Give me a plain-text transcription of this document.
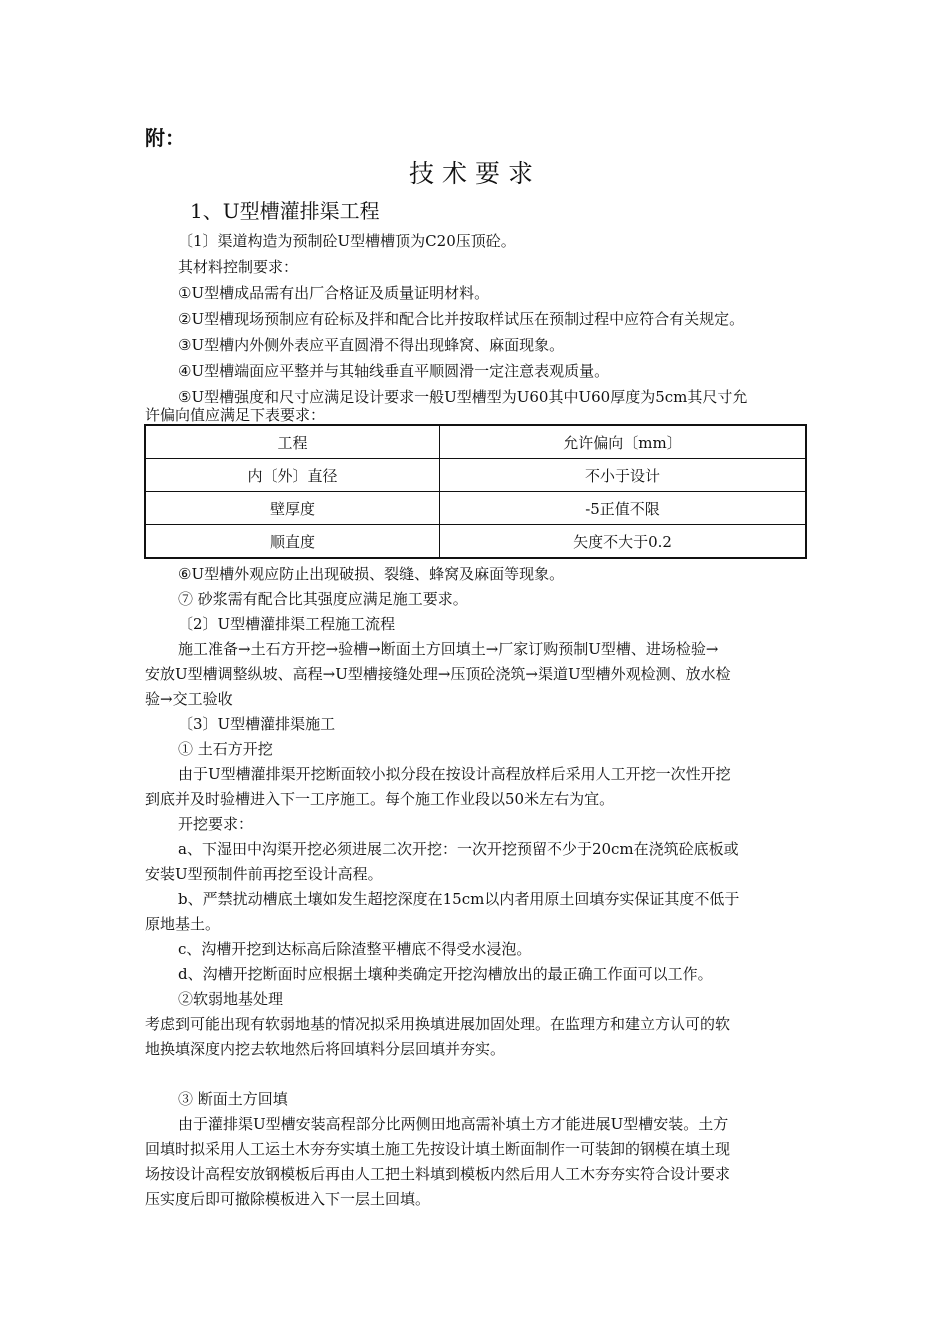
附：
技术要求
1、U型槽灌排渠工程

〔1〕渠道构造为预制砼U型槽槽顶为C20压顶砼。

其材料控制要求：

①U型槽成品需有出厂合格证及质量证明材料。

②U型槽现场预制应有砼标及拌和配合比并按取样试压在预制过程中应符合有关规定。

③U型槽内外侧外表应平直圆滑不得出现蜂窝、麻面现象。

④U型槽端面应平整并与其轴线垂直平顺圆滑一定注意表观质量。

⑤U型槽强度和尺寸应满足设计要求一般U型槽型为U60其中U60厚度为5cm其尺寸允

许偏向值应满足下表要求：

工程	允许偏向〔mm〕
内〔外〕直径	不小于设计
壁厚度	-5正值不限
顺直度	矢度不大于0.2

⑥U型槽外观应防止出现破损、裂缝、蜂窝及麻面等现象。

⑦ 砂浆需有配合比其强度应满足施工要求。

〔2〕U型槽灌排渠工程施工流程

施工准备→土石方开挖→验槽→断面土方回填土→厂家订购预制U型槽、进场检验→

安放U型槽调整纵坡、高程→U型槽接缝处理→压顶砼浇筑→渠道U型槽外观检测、放水检

验→交工验收

〔3〕U型槽灌排渠施工

① 土石方开挖

由于U型槽灌排渠开挖断面较小拟分段在按设计高程放样后采用人工开挖一次性开挖

到底并及时验槽进入下一工序施工。每个施工作业段以50米左右为宜。

开挖要求：

a、下湿田中沟渠开挖必须进展二次开挖：一次开挖预留不少于20cm在浇筑砼底板或

安装U型预制件前再挖至设计高程。

b、严禁扰动槽底土壤如发生超挖深度在15cm以内者用原土回填夯实保证其度不低于

原地基土。

c、沟槽开挖到达标高后除渣整平槽底不得受水浸泡。

d、沟槽开挖断面时应根据土壤种类确定开挖沟槽放出的最正确工作面可以工作。

②软弱地基处理

考虑到可能出现有软弱地基的情况拟采用换填进展加固处理。在监理方和建立方认可的软

地换填深度内挖去软地然后将回填料分层回填并夯实。

③ 断面土方回填

由于灌排渠U型槽安装高程部分比两侧田地高需补填土方才能进展U型槽安装。土方

回填时拟采用人工运土木夯夯实填土施工先按设计填土断面制作一可装卸的钢模在填土现

场按设计高程安放钢模板后再由人工把土料填到模板内然后用人工木夯夯实符合设计要求

压实度后即可撤除模板进入下一层土回填。
